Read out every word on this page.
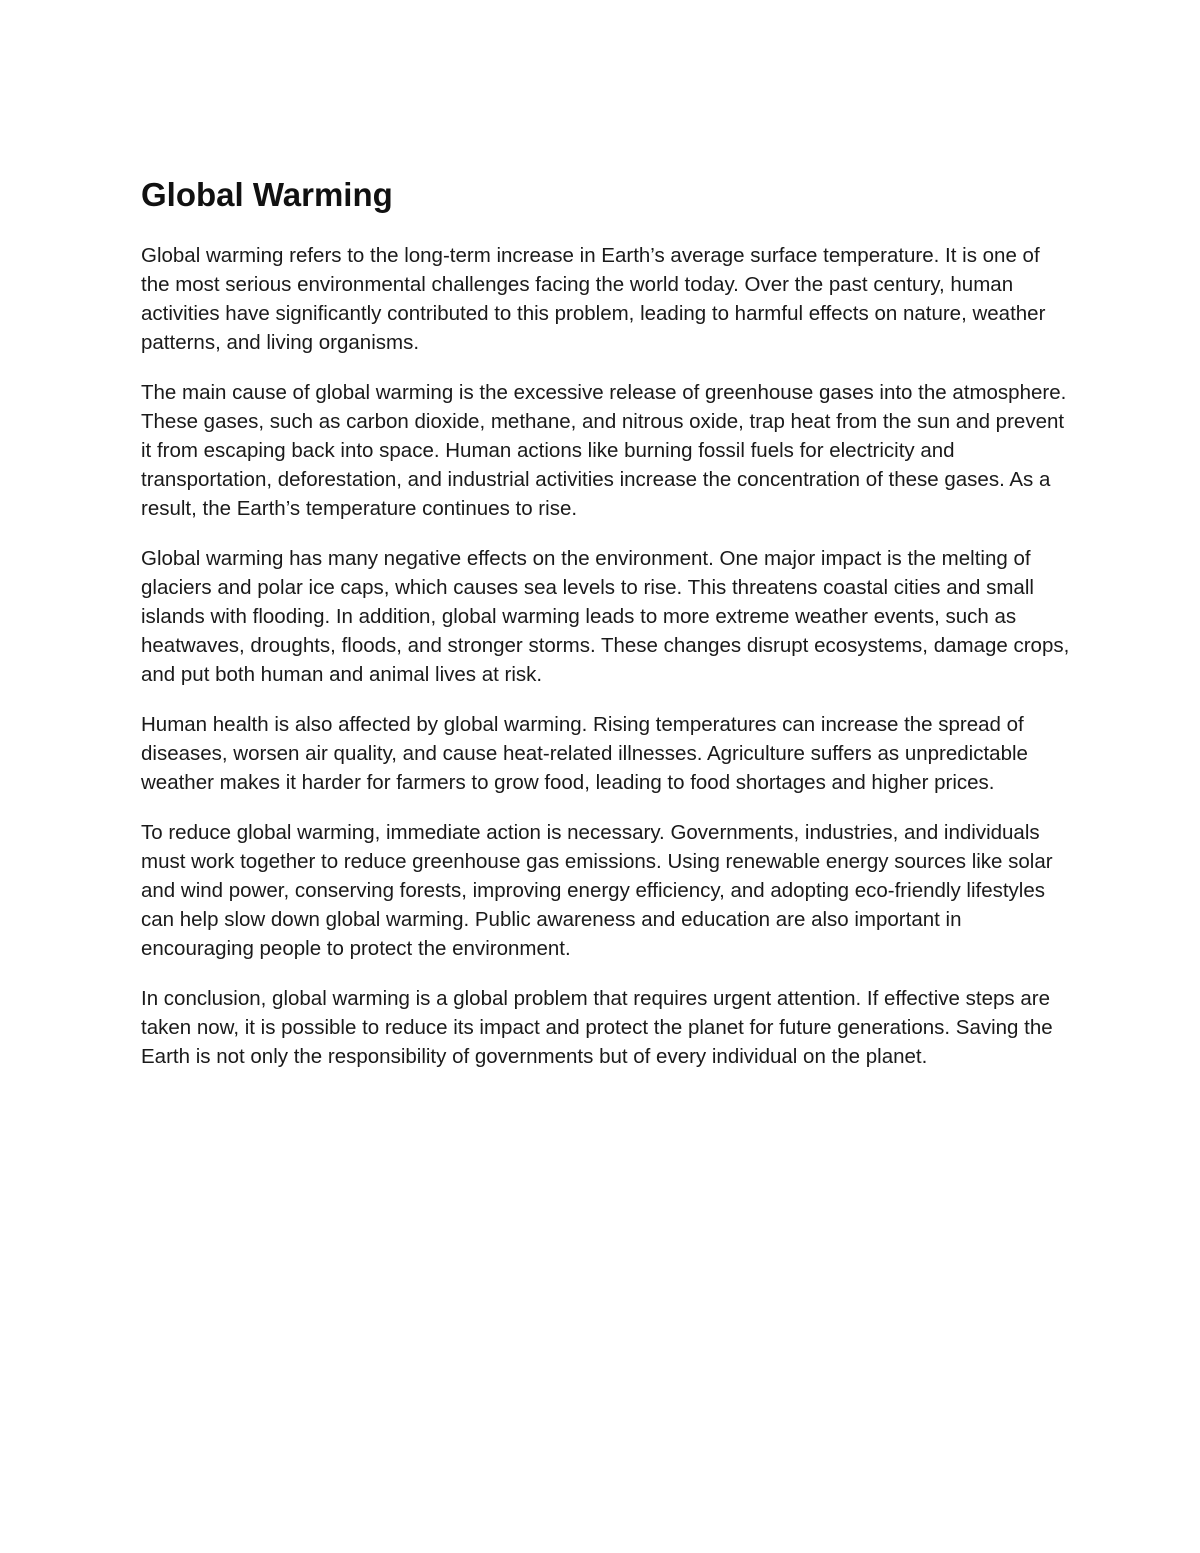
Global Warming

Global warming refers to the long-term increase in Earth’s average surface temperature. It is one of the most serious environmental challenges facing the world today. Over the past century, human activities have significantly contributed to this problem, leading to harmful effects on nature, weather patterns, and living organisms.

The main cause of global warming is the excessive release of greenhouse gases into the atmosphere. These gases, such as carbon dioxide, methane, and nitrous oxide, trap heat from the sun and prevent it from escaping back into space. Human actions like burning fossil fuels for electricity and transportation, deforestation, and industrial activities increase the concentration of these gases. As a result, the Earth’s temperature continues to rise.

Global warming has many negative effects on the environment. One major impact is the melting of glaciers and polar ice caps, which causes sea levels to rise. This threatens coastal cities and small islands with flooding. In addition, global warming leads to more extreme weather events, such as heatwaves, droughts, floods, and stronger storms. These changes disrupt ecosystems, damage crops, and put both human and animal lives at risk.

Human health is also affected by global warming. Rising temperatures can increase the spread of diseases, worsen air quality, and cause heat-related illnesses. Agriculture suffers as unpredictable weather makes it harder for farmers to grow food, leading to food shortages and higher prices.

To reduce global warming, immediate action is necessary. Governments, industries, and individuals must work together to reduce greenhouse gas emissions. Using renewable energy sources like solar and wind power, conserving forests, improving energy efficiency, and adopting eco-friendly lifestyles can help slow down global warming. Public awareness and education are also important in encouraging people to protect the environment.

In conclusion, global warming is a global problem that requires urgent attention. If effective steps are taken now, it is possible to reduce its impact and protect the planet for future generations. Saving the Earth is not only the responsibility of governments but of every individual on the planet.
